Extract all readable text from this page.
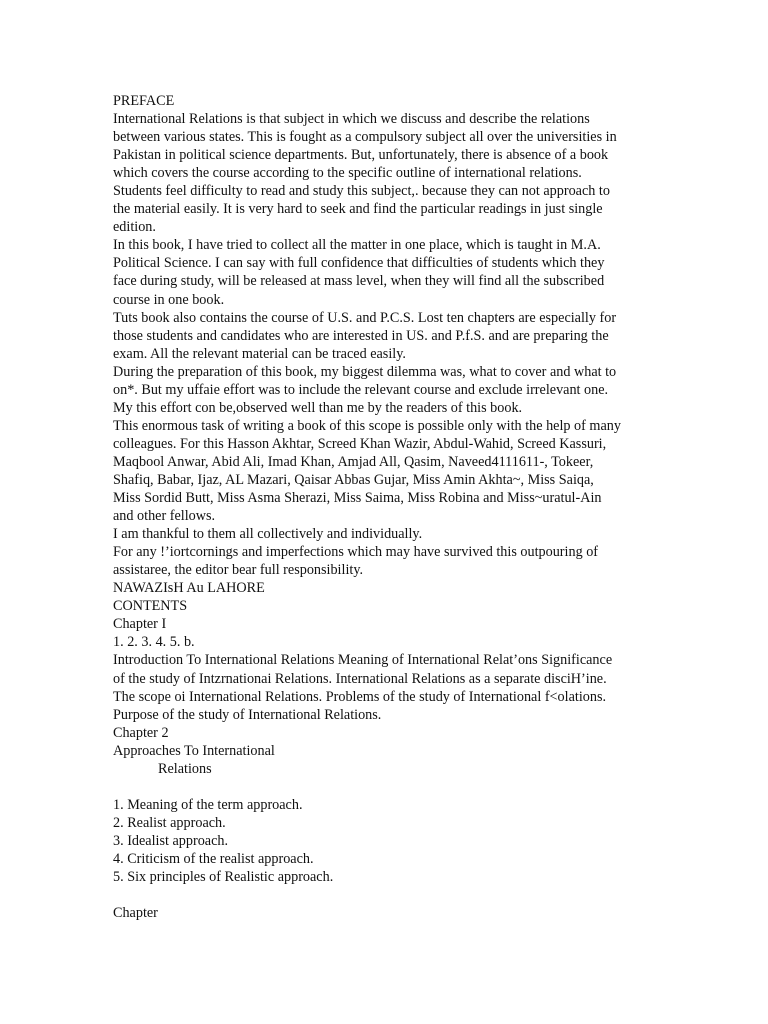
PREFACE
International Relations is that subject in which we discuss and describe the relations
between various states. This is fought as a compulsory subject all over the universities in
Pakistan in political science departments. But, unfortunately, there is absence of a book
which covers the course according to the specific outline of international relations.
Students feel difficulty to read and study this subject,. because they can not approach to
the material easily. It is very hard to seek and find the particular readings in just single
edition.
In this book, I have tried to collect all the matter in one place, which is taught in M.A.
Political Science. I can say with full confidence that difficulties of students which they
face during study, will be released at mass level, when they will find all the subscribed
course in one book.
Tuts book also contains the course of U.S. and P.C.S. Lost ten chapters are especially for
those students and candidates who are interested in US. and P.f.S. and are preparing the
exam. All the relevant material can be traced easily.
During the preparation of this book, my biggest dilemma was, what to cover and what to
on*. But my uffaie effort was to include the relevant course and exclude irrelevant one.
My this effort con be,observed well than me by the readers of this book.
This enormous task of writing a book of this scope is possible only with the help of many
colleagues. For this Hasson Akhtar, Screed Khan Wazir, Abdul-Wahid, Screed Kassuri,
Maqbool Anwar, Abid Ali, Imad Khan, Amjad All, Qasim, Naveed4111611-, Tokeer,
Shafiq, Babar, Ijaz, AL Mazari, Qaisar Abbas Gujar, Miss Amin Akhta~, Miss Saiqa,
Miss Sordid Butt, Miss Asma Sherazi, Miss Saima, Miss Robina and Miss~uratul-Ain
and other fellows.
I am thankful to them all collectively and individually.
For any !’iortcornings and imperfections which may have survived this outpouring of
assistaree, the editor bear full responsibility.
NAWAZIsH Au LAHORE
CONTENTS
Chapter I
1. 2. 3. 4. 5. b.
Introduction To International Relations Meaning of International Relat’ons Significance
of the study of Intzrnationai Relations. International Relations as a separate disciH’ine.
The scope oi International Relations. Problems of the study of International f<olations.
Purpose of the study of International Relations.
Chapter 2
Approaches To International
Relations
1. Meaning of the term approach.
2. Realist approach.
3. Idealist approach.
4. Criticism of the realist approach.
5. Six principles of Realistic approach.
Chapter
